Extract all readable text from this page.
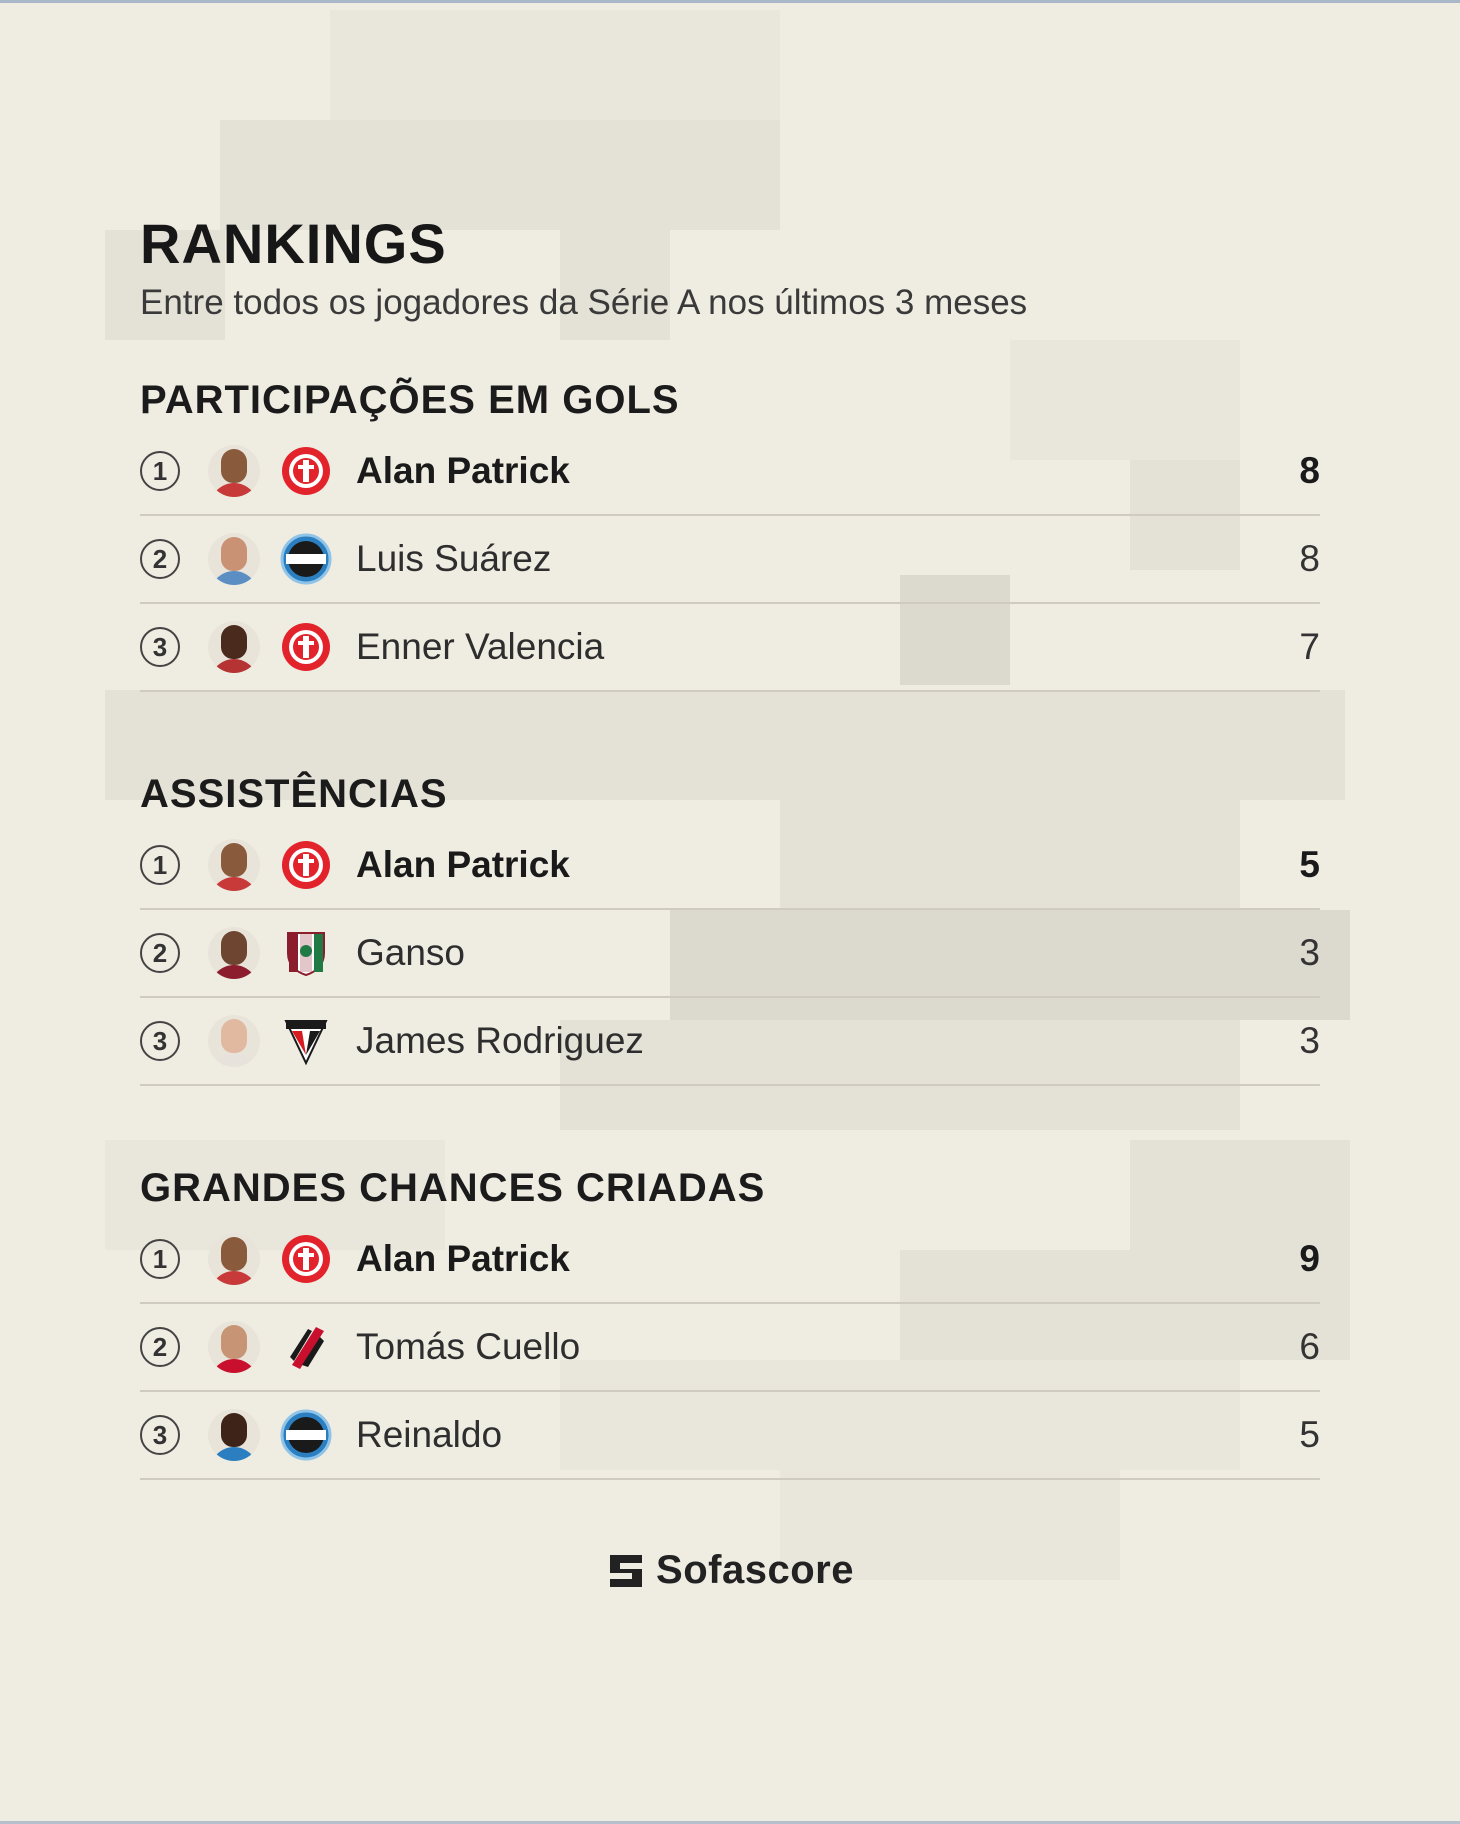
RANKINGS

Entre todos os jogadores da Série A nos últimos 3 meses

PARTICIPAÇÕES EM GOLS
1	Alan Patrick	8
2	Luis Suárez	8
3	Enner Valencia	7
ASSISTÊNCIAS
1	Alan Patrick	5
2	Ganso	3
3	James Rodriguez	3
GRANDES CHANCES CRIADAS
1	Alan Patrick	9
2	Tomás Cuello	6
3	Reinaldo	5
Sofascore
